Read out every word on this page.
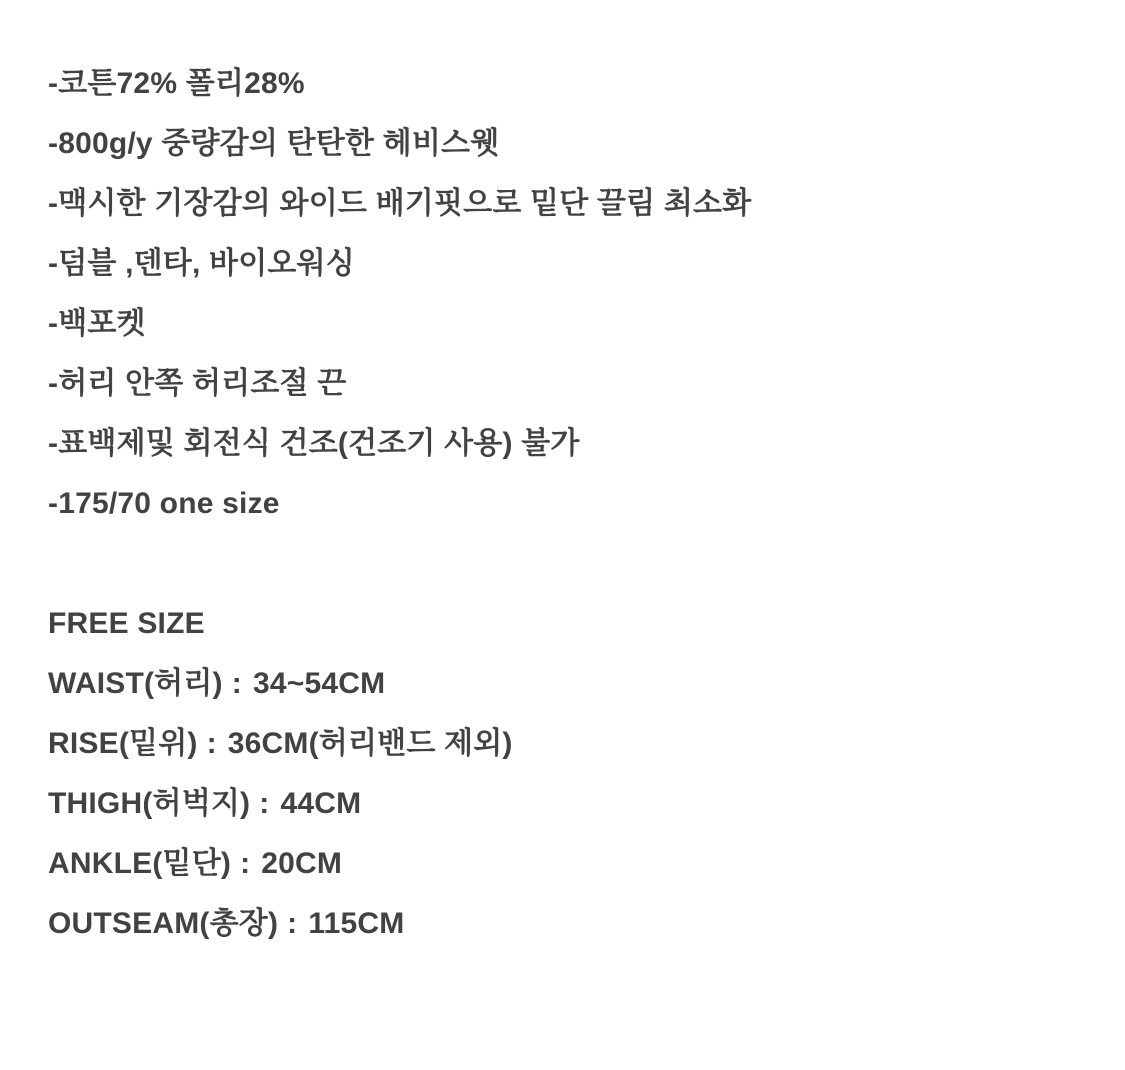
-코튼72% 폴리28%
-800g/y 중량감의 탄탄한 헤비스웻
-맥시한 기장감의 와이드 배기핏으로 밑단 끌림 최소화
-덤블 ,덴타, 바이오워싱
-백포켓
-허리 안쪽 허리조절 끈
-표백제및 회전식 건조(건조기 사용) 불가
-175/70 one size
FREE SIZE
WAIST(허리) : 34~54CM
RISE(밑위) : 36CM(허리밴드 제외)
THIGH(허벅지) : 44CM
ANKLE(밑단) : 20CM
OUTSEAM(총장) : 115CM
